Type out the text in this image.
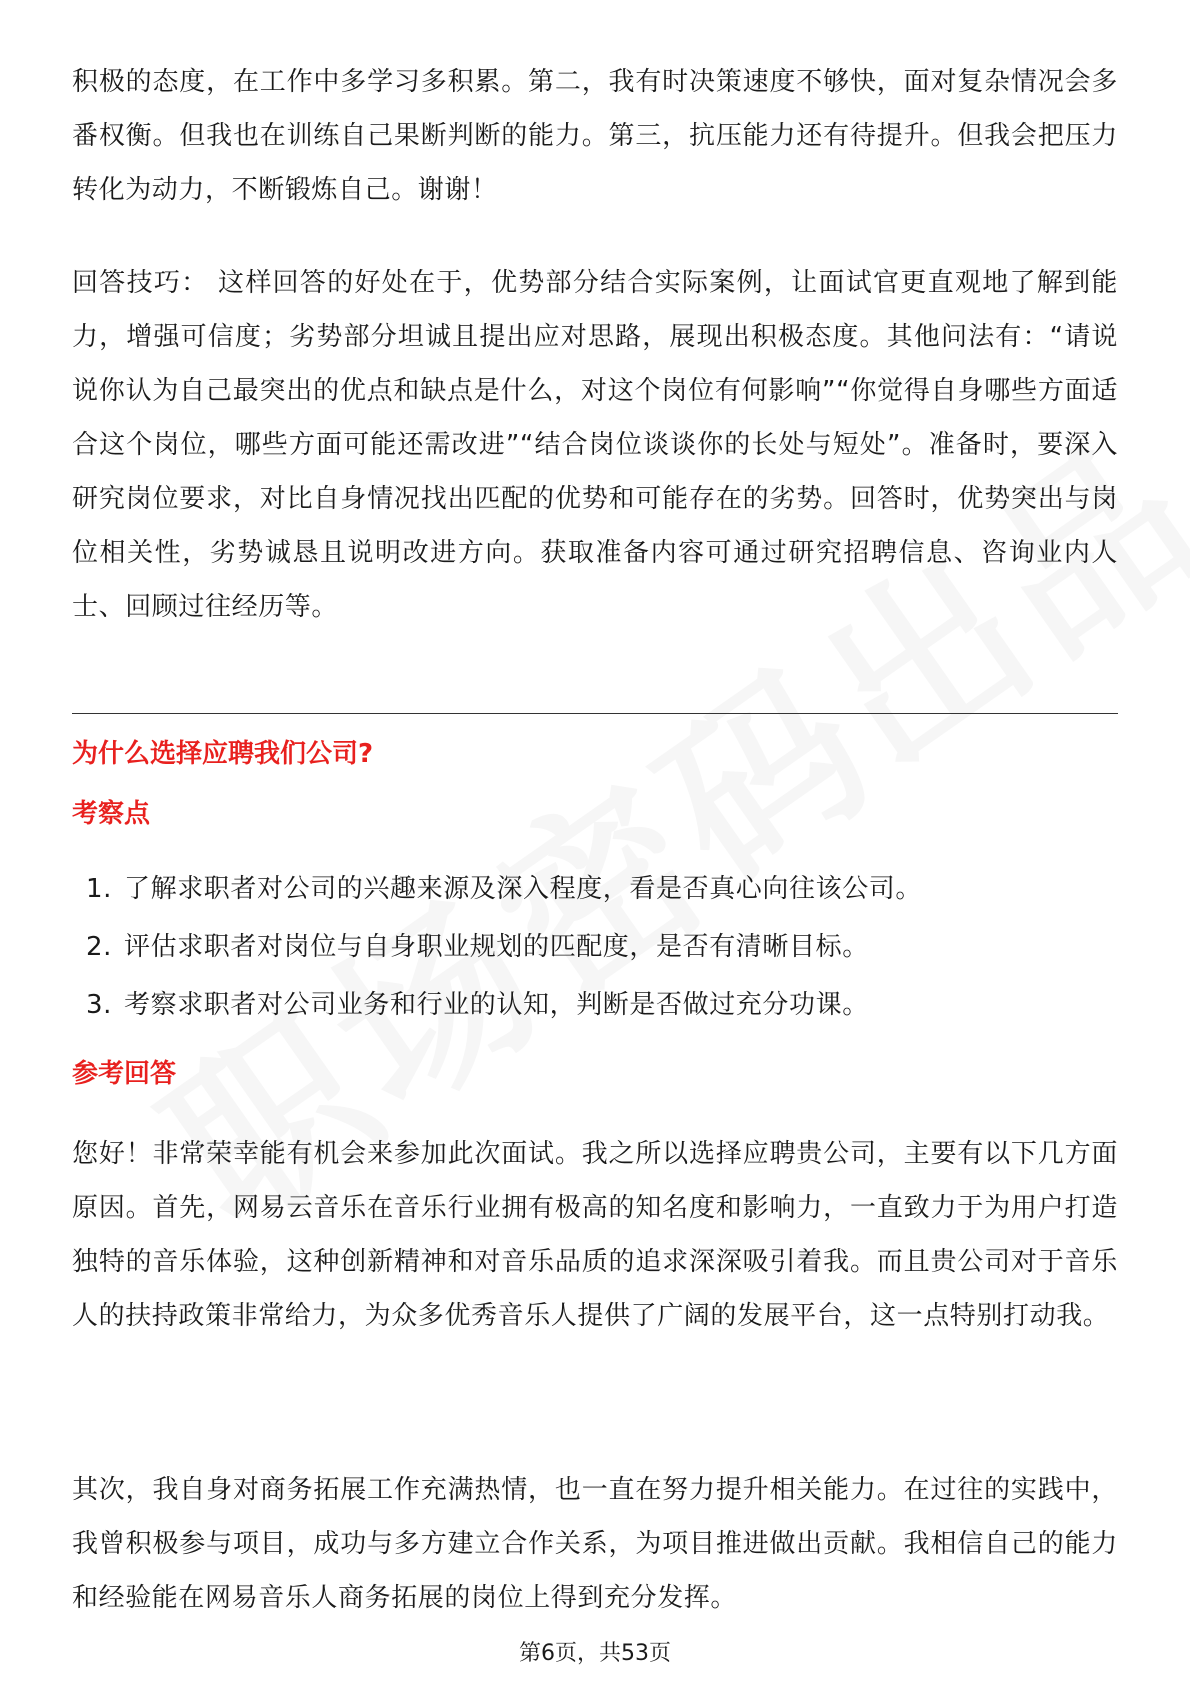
积极的态度，在工作中多学习多积累。第二，我有时决策速度不够快，面对复杂情况会多番权衡。但我也在训练自己果断判断的能力。第三，抗压能力还有待提升。但我会把压力转化为动力，不断锻炼自己。谢谢！

回答技巧： 这样回答的好处在于，优势部分结合实际案例，让面试官更直观地了解到能力，增强可信度；劣势部分坦诚且提出应对思路，展现出积极态度。其他问法有：“请说说你认为自己最突出的优点和缺点是什么，对这个岗位有何影响”“你觉得自身哪些方面适合这个岗位，哪些方面可能还需改进”“结合岗位谈谈你的长处与短处”。准备时，要深入研究岗位要求，对比自身情况找出匹配的优势和可能存在的劣势。回答时，优势突出与岗位相关性，劣势诚恳且说明改进方向。获取准备内容可通过研究招聘信息、咨询业内人士、回顾过往经历等。

为什么选择应聘我们公司?
考察点
1. 了解求职者对公司的兴趣来源及深入程度，看是否真心向往该公司。
2. 评估求职者对岗位与自身职业规划的匹配度，是否有清晰目标。
3. 考察求职者对公司业务和行业的认知，判断是否做过充分功课。
参考回答

您好！非常荣幸能有机会来参加此次面试。我之所以选择应聘贵公司，主要有以下几方面原因。首先，网易云音乐在音乐行业拥有极高的知名度和影响力，一直致力于为用户打造独特的音乐体验，这种创新精神和对音乐品质的追求深深吸引着我。而且贵公司对于音乐人的扶持政策非常给力，为众多优秀音乐人提供了广阔的发展平台，这一点特别打动我。

其次，我自身对商务拓展工作充满热情，也一直在努力提升相关能力。在过往的实践中，我曾积极参与项目，成功与多方建立合作关系，为项目推进做出贡献。我相信自己的能力和经验能在网易音乐人商务拓展的岗位上得到充分发挥。

第6页，共53页
